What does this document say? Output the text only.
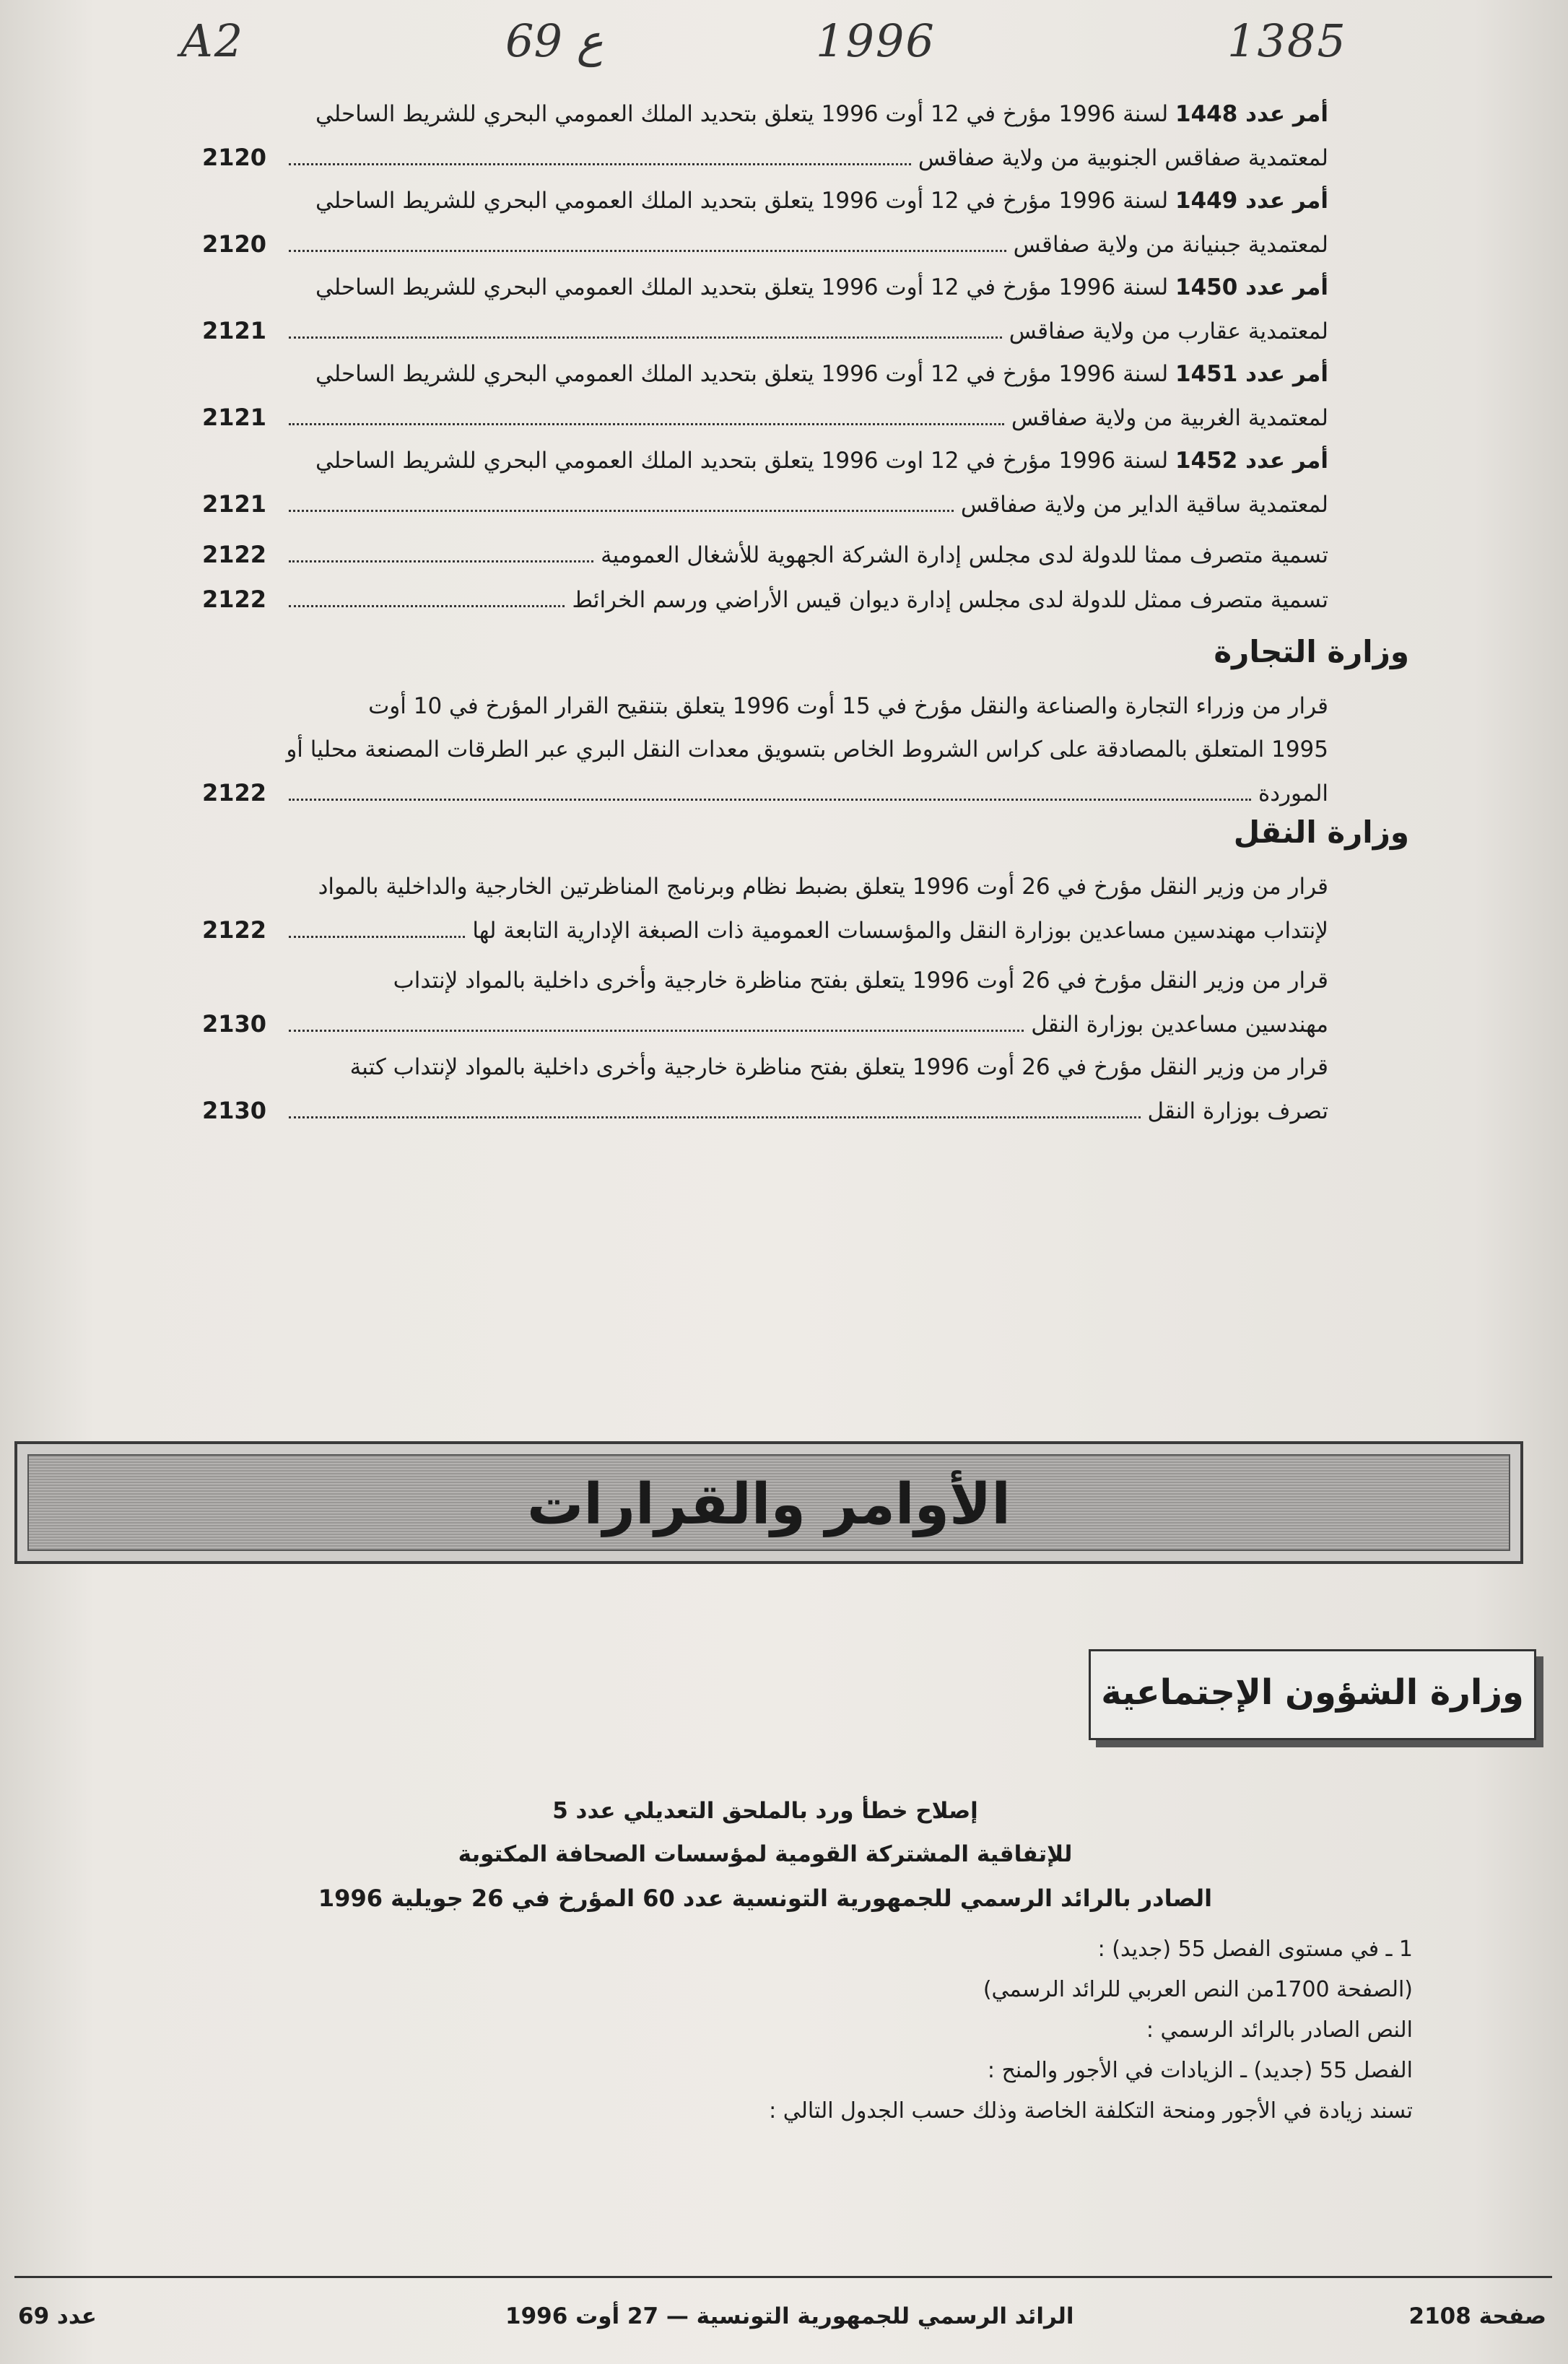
A2	69 ع	1996	1385
أمر عدد 1448 لسنة 1996 مؤرخ في 12 أوت 1996 يتعلق بتحديد الملك العمومي البحري للشريط الساحلي
لمعتمدية صفاقس الجنوبية من ولاية صفاقس
2120
أمر عدد 1449 لسنة 1996 مؤرخ في 12 أوت 1996 يتعلق بتحديد الملك العمومي البحري للشريط الساحلي
لمعتمدية جبنيانة من ولاية صفاقس
2120
أمر عدد 1450 لسنة 1996 مؤرخ في 12 أوت 1996 يتعلق بتحديد الملك العمومي البحري للشريط الساحلي
لمعتمدية عقارب من ولاية صفاقس
2121
أمر عدد 1451 لسنة 1996 مؤرخ في 12 أوت 1996 يتعلق بتحديد الملك العمومي البحري للشريط الساحلي
لمعتمدية الغربية من ولاية صفاقس
2121
أمر عدد 1452 لسنة 1996 مؤرخ في 12 اوت 1996 يتعلق بتحديد الملك العمومي البحري للشريط الساحلي
لمعتمدية ساقية الداير من ولاية صفاقس
2121
تسمية متصرف ممثا للدولة لدى مجلس إدارة الشركة الجهوية للأشغال العمومية
2122
تسمية متصرف ممثل للدولة لدى مجلس إدارة ديوان قيس الأراضي ورسم الخرائط
2122
وزارة التجارة
قرار من وزراء التجارة والصناعة والنقل مؤرخ في 15 أوت 1996 يتعلق بتنقيح القرار المؤرخ في 10 أوت
1995 المتعلق بالمصادقة على كراس الشروط الخاص بتسويق معدات النقل البري عبر الطرقات المصنعة محليا أو
الموردة
2122
وزارة النقل
قرار من وزير النقل مؤرخ في 26 أوت 1996 يتعلق بضبط نظام وبرنامج المناظرتين الخارجية والداخلية بالمواد
لإنتداب مهندسين مساعدين بوزارة النقل والمؤسسات العمومية ذات الصبغة الإدارية التابعة لها
2122
قرار من وزير النقل مؤرخ في 26 أوت 1996 يتعلق بفتح مناظرة خارجية وأخرى داخلية بالمواد لإنتداب
مهندسين مساعدين بوزارة النقل
2130
قرار من وزير النقل مؤرخ في 26 أوت 1996 يتعلق بفتح مناظرة خارجية وأخرى داخلية بالمواد لإنتداب كتبة
تصرف بوزارة النقل
2130
الأوامر والقرارات
وزارة الشؤون الإجتماعية
إصلاح خطأ ورد بالملحق التعديلي عدد 5
للإتفاقية المشتركة القومية لمؤسسات الصحافة المكتوبة
الصادر بالرائد الرسمي للجمهورية التونسية عدد 60 المؤرخ في 26 جويلية 1996
1 ـ في مستوى الفصل 55 (جديد) :
(الصفحة 1700من النص العربي للرائد الرسمي)
النص الصادر بالرائد الرسمي :
الفصل 55 (جديد) ـ الزيادات في الأجور والمنح :
تسند زيادة في الأجور ومنحة التكلفة الخاصة وذلك حسب الجدول التالي :
صفحة 2108
الرائد الرسمي للجمهورية التونسية — 27 أوت 1996
عدد 69
